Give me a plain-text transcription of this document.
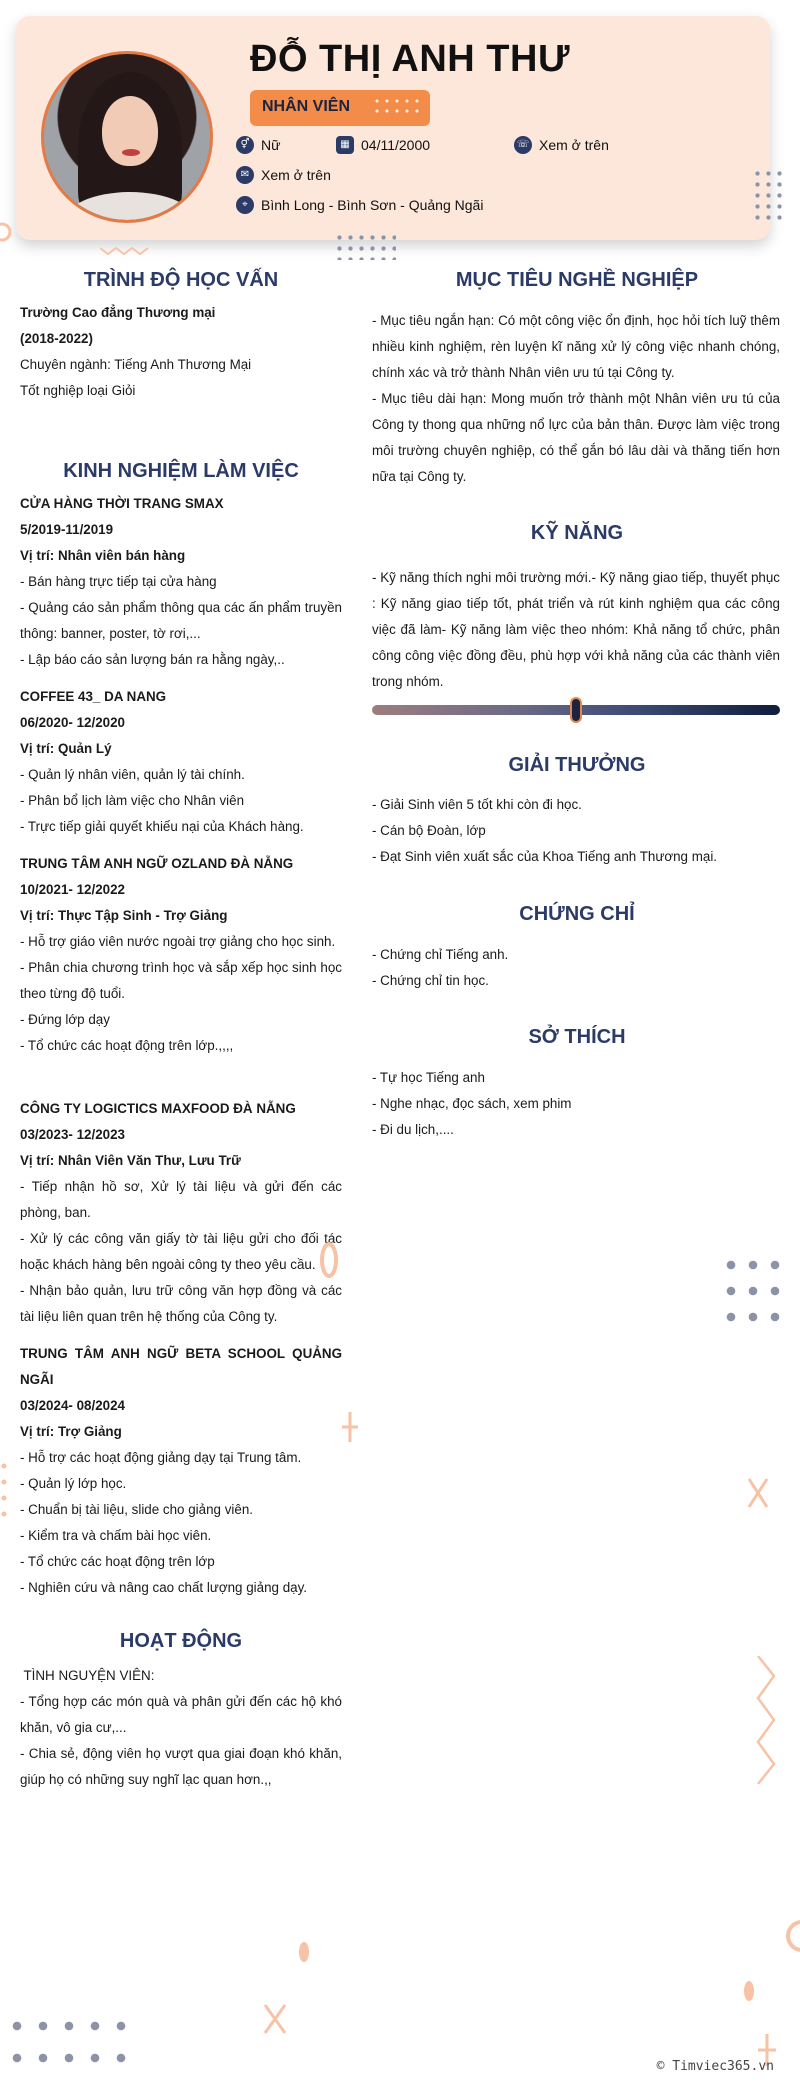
ĐỖ THỊ ANH THƯ
NHÂN VIÊN
⚥ Nữ	▦ 04/11/2000	☏ Xem ở trên
✉ Xem ở trên
⌖ Bình Long - Bình Sơn - Quảng Ngãi
TRÌNH ĐỘ HỌC VẤN

Trường Cao đẳng Thương mại

(2018-2022)

Chuyên ngành: Tiếng Anh Thương Mại

Tốt nghiệp loại Giỏi

KINH NGHIỆM LÀM VIỆC

CỬA HÀNG THỜI TRANG SMAX

5/2019-11/2019

Vị trí: Nhân viên bán hàng

- Bán hàng trực tiếp tại cửa hàng

- Quảng cáo sản phẩm thông qua các ấn phẩm truyền thông: banner, poster, tờ rơi,...

- Lập báo cáo sản lượng bán ra hằng ngày,..

COFFEE 43_ DA NANG

06/2020- 12/2020

Vị trí: Quản Lý

- Quản lý nhân viên, quản lý tài chính.

- Phân bổ lịch làm việc cho Nhân viên

- Trực tiếp giải quyết khiếu nại của Khách hàng.

TRUNG TÂM ANH NGỮ OZLAND ĐÀ NẴNG

10/2021- 12/2022

Vị trí: Thực Tập Sinh - Trợ Giảng

- Hỗ trợ giáo viên nước ngoài trợ giảng cho học sinh.

- Phân chia chương trình học và sắp xếp học sinh học theo từng độ tuổi.

- Đứng lớp dạy

- Tổ chức các hoạt động trên lớp.,,,,

CÔNG TY LOGICTICS MAXFOOD ĐÀ NẴNG

03/2023- 12/2023

Vị trí: Nhân Viên Văn Thư, Lưu Trữ

- Tiếp nhận hồ sơ, Xử lý tài liệu và gửi đến các phòng, ban.

- Xử lý các công văn giấy tờ tài liệu gửi cho đối tác hoặc khách hàng bên ngoài công ty theo yêu cầu.

- Nhận bảo quản, lưu trữ công văn hợp đồng và các tài liệu liên quan trên hệ thống của Công ty.

TRUNG TÂM ANH NGỮ BETA SCHOOL QUẢNG NGÃI

03/2024- 08/2024

Vị trí: Trợ Giảng

- Hỗ trợ các hoạt động giảng dạy tại Trung tâm.

- Quản lý lớp học.

- Chuẩn bị tài liệu, slide cho giảng viên.

- Kiểm tra và chấm bài học viên.

- Tổ chức các hoạt động trên lớp

- Nghiên cứu và nâng cao chất lượng giảng dạy.

HOẠT ĐỘNG

TÌNH NGUYỆN VIÊN:

- Tổng hợp các món quà và phân gửi đến các hộ khó khăn, vô gia cư,...

- Chia sẻ, động viên họ vượt qua giai đoạn khó khăn, giúp họ có những suy nghĩ lạc quan hơn.,,

MỤC TIÊU NGHỀ NGHIỆP

- Mục tiêu ngắn hạn: Có một công việc ổn định, học hỏi tích luỹ thêm nhiều kinh nghiệm, rèn luyện kĩ năng xử lý công việc nhanh chóng, chính xác và trở thành Nhân viên ưu tú tại Công ty.

- Mục tiêu dài hạn: Mong muốn trở thành một Nhân viên ưu tú của Công ty thong qua những nổ lực của bản thân. Được làm việc trong môi trường chuyên nghiệp, có thể gắn bó lâu dài và thăng tiến hơn nữa tại Công ty.

KỸ NĂNG

- Kỹ năng thích nghi môi trường mới.- Kỹ năng giao tiếp, thuyết phục : Kỹ năng giao tiếp tốt, phát triển và rút kinh nghiệm qua các công việc đã làm- Kỹ năng làm việc theo nhóm: Khả năng tổ chức, phân công công việc đồng đều, phù hợp với khả năng của các thành viên trong nhóm.

GIẢI THƯỞNG

- Giải Sinh viên 5 tốt khi còn đi học.

- Cán bộ Đoàn, lớp

- Đạt Sinh viên xuất sắc của Khoa Tiếng anh Thương mại.

CHỨNG CHỈ

- Chứng chỉ Tiếng anh.

- Chứng chỉ tin học.

SỞ THÍCH

- Tự học Tiếng anh

- Nghe nhạc, đọc sách, xem phim

- Đi du lịch,....

© Timviec365.vn
